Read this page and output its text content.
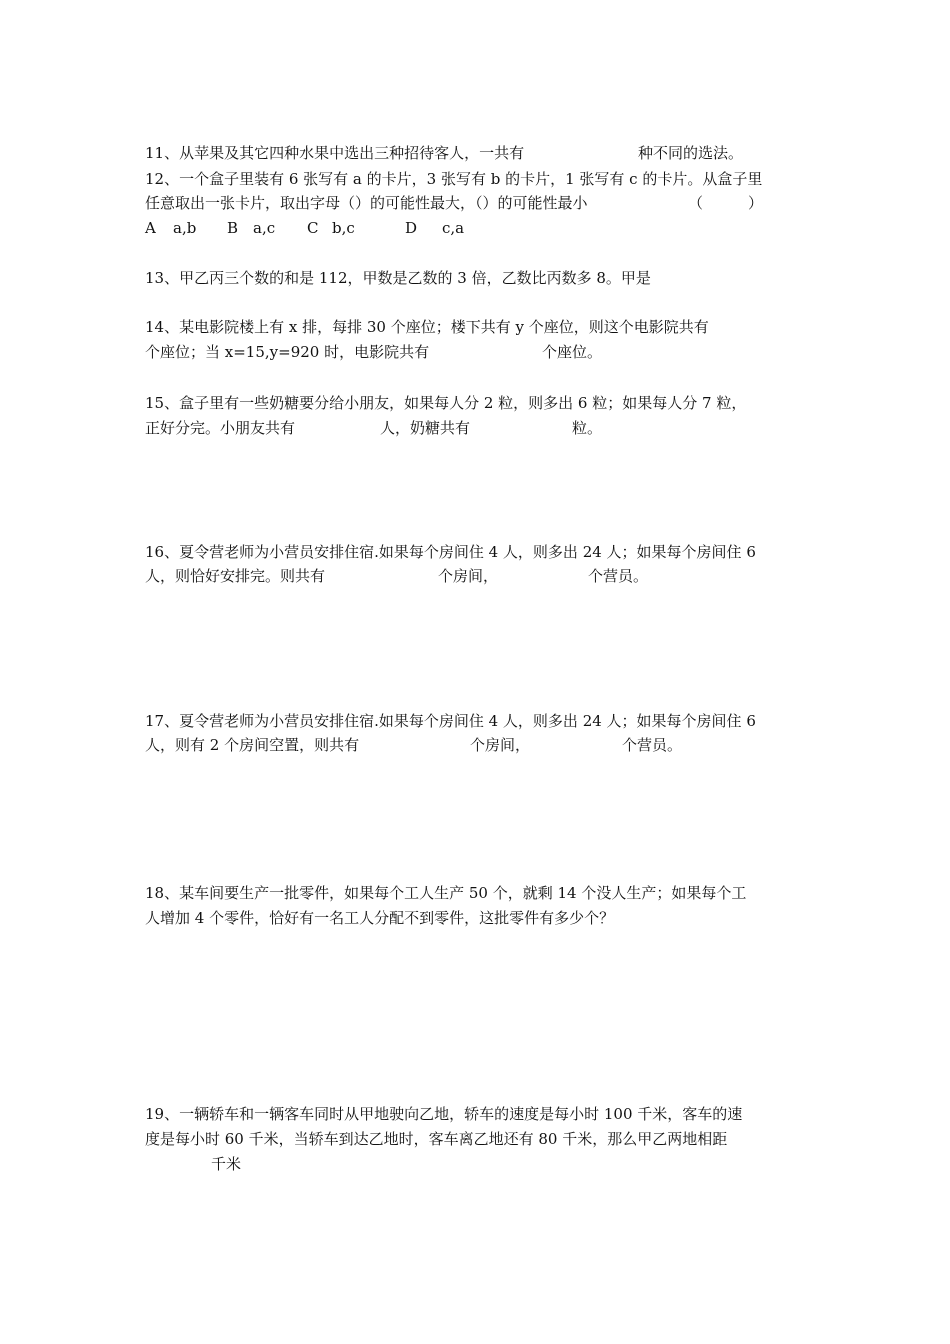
11、从苹果及其它四种水果中选出三种招待客人，一共有	种不同的选法。
12、一个盒子里装有 6 张写有 a 的卡片，3 张写有 b 的卡片，1 张写有 c 的卡片。从盒子里
任意取出一张卡片，取出字母（）的可能性最大，（）的可能性最小	（　　　）
A a,b B a,c C b,c	D c,a
13、甲乙丙三个数的和是 112，甲数是乙数的 3 倍，乙数比丙数多 8。甲是
14、某电影院楼上有 x 排，每排 30 个座位；楼下共有 y 个座位，则这个电影院共有
个座位；当 x=15,y=920 时，电影院共有	个座位。
15、盒子里有一些奶糖要分给小朋友，如果每人分 2 粒，则多出 6 粒；如果每人分 7 粒，
正好分完。小朋友共有	人，奶糖共有	粒。
16、夏令营老师为小营员安排住宿.如果每个房间住 4 人，则多出 24 人；如果每个房间住 6
人，则恰好安排完。则共有	个房间，	个营员。
17、夏令营老师为小营员安排住宿.如果每个房间住 4 人，则多出 24 人；如果每个房间住 6
人，则有 2 个房间空置，则共有	个房间，	个营员。
18、某车间要生产一批零件，如果每个工人生产 50 个，就剩 14 个没人生产；如果每个工
人增加 4 个零件，恰好有一名工人分配不到零件，这批零件有多少个？
19、一辆轿车和一辆客车同时从甲地驶向乙地，轿车的速度是每小时 100 千米，客车的速
度是每小时 60 千米，当轿车到达乙地时，客车离乙地还有 80 千米，那么甲乙两地相距
千米
